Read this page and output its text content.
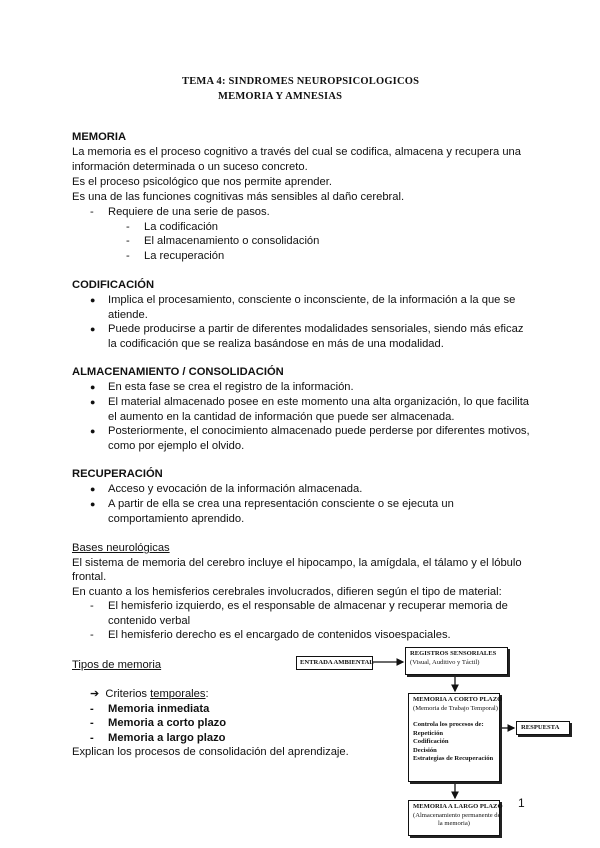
TEMA 4: SINDROMES NEUROPSICOLOGICOS
MEMORIA Y AMNESIAS
MEMORIA
La memoria es el proceso cognitivo a través del cual se codifica, almacena y recupera una
información determinada o un suceso concreto.
Es el proceso psicológico que nos permite aprender.
Es una de las funciones cognitivas más sensibles al daño cerebral.
- Requiere de una serie de pasos.
- La codificación
- El almacenamiento o consolidación
- La recuperación
CODIFICACIÓN
● Implica el procesamiento, consciente o inconsciente, de la información a la que se
atiende.
● Puede producirse a partir de diferentes modalidades sensoriales, siendo más eficaz
la codificación que se realiza basándose en más de una modalidad.
ALMACENAMIENTO / CONSOLIDACIÓN
● En esta fase se crea el registro de la información.
● El material almacenado posee en este momento una alta organización, lo que facilita
el aumento en la cantidad de información que puede ser almacenada.
● Posteriormente, el conocimiento almacenado puede perderse por diferentes motivos,
como por ejemplo el olvido.
RECUPERACIÓN
● Acceso y evocación de la información almacenada.
● A partir de ella se crea una representación consciente o se ejecuta un
comportamiento aprendido.
Bases neurológicas
El sistema de memoria del cerebro incluye el hipocampo, la amígdala, el tálamo y el lóbulo
frontal.
En cuanto a los hemisferios cerebrales involucrados, difieren según el tipo de material:
- El hemisferio izquierdo, es el responsable de almacenar y recuperar memoria de
contenido verbal
- El hemisferio derecho es el encargado de contenidos visoespaciales.
Tipos de memoria
➔ Criterios temporales:
- Memoria inmediata
- Memoria a corto plazo
- Memoria a largo plazo
Explican los procesos de consolidación del aprendizaje.
ENTRADA AMBIENTAL
REGISTROS SENSORIALES
(Visual, Auditivo y Táctil)
MEMORIA A CORTO PLAZO
(Memoria de Trabajo Temporal)
Controla los procesos de:
Repetición
Codificación
Decisión
Estrategias de Recuperación
RESPUESTA
MEMORIA A LARGO PLAZO
(Almacenamiento permanente de
la memoria)
1
